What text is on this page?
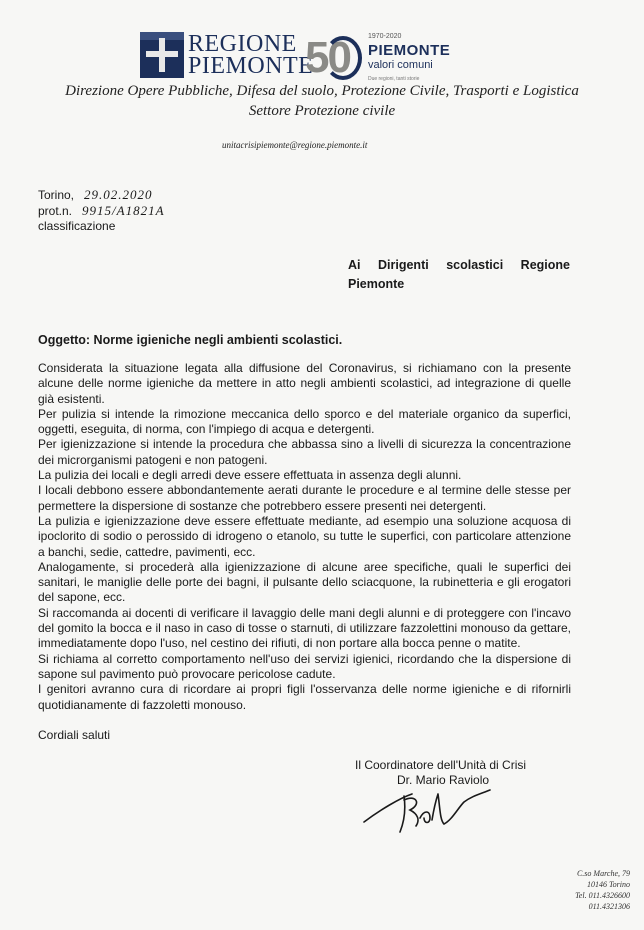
REGIONE
PIEMONTE
50	1970-2020
PIEMONTE
valori comuni
Due regioni, tanti storie
Direzione Opere Pubbliche, Difesa del suolo, Protezione Civile, Trasporti e Logistica
Settore Protezione civile
unitacrisipiemonte@regione.piemonte.it
Torino, 29.02.2020
prot.n. 9915/A1821A
classificazione
Ai Dirigenti scolastici Regione Piemonte
Oggetto: Norme igieniche negli ambienti scolastici.

Considerata la situazione legata alla diffusione del Coronavirus, si richiamano con la presente alcune delle norme igieniche da mettere in atto negli ambienti scolastici, ad integrazione di quelle già esistenti.

Per pulizia si intende la rimozione meccanica dello sporco e del materiale organico da superfici, oggetti, eseguita, di norma, con l'impiego di acqua e detergenti.

Per igienizzazione si intende la procedura che abbassa sino a livelli di sicurezza la concentrazione dei microrganismi patogeni e non patogeni.

La pulizia dei locali e degli arredi deve essere effettuata in assenza degli alunni.

I locali debbono essere abbondantemente aerati durante le procedure e al termine delle stesse per permettere la dispersione di sostanze che potrebbero essere presenti nei detergenti.

La pulizia e igienizzazione deve essere effettuate mediante, ad esempio una soluzione acquosa di ipoclorito di sodio o perossido di idrogeno o etanolo, su tutte le superfici, con particolare attenzione a banchi, sedie, cattedre, pavimenti, ecc.

Analogamente, si procederà alla igienizzazione di alcune aree specifiche, quali le superfici dei sanitari, le maniglie delle porte dei bagni, il pulsante dello sciacquone, la rubinetteria e gli erogatori del sapone, ecc.

Si raccomanda ai docenti di verificare il lavaggio delle mani degli alunni e di proteggere con l'incavo del gomito la bocca e il naso in caso di tosse o starnuti, di utilizzare fazzolettini monouso da gettare, immediatamente dopo l'uso, nel cestino dei rifiuti, di non portare alla bocca penne o matite.

Si richiama al corretto comportamento nell'uso dei servizi igienici, ricordando che la dispersione di sapone sul pavimento può provocare pericolose cadute.

I genitori avranno cura di ricordare ai propri figli l'osservanza delle norme igieniche e di rifornirli quotidianamente di fazzoletti monouso.

Cordiali saluti
Il Coordinatore dell'Unità di Crisi
Dr. Mario Raviolo
C.so Marche, 79
10146 Torino
Tel. 011.4326600
011.4321306
